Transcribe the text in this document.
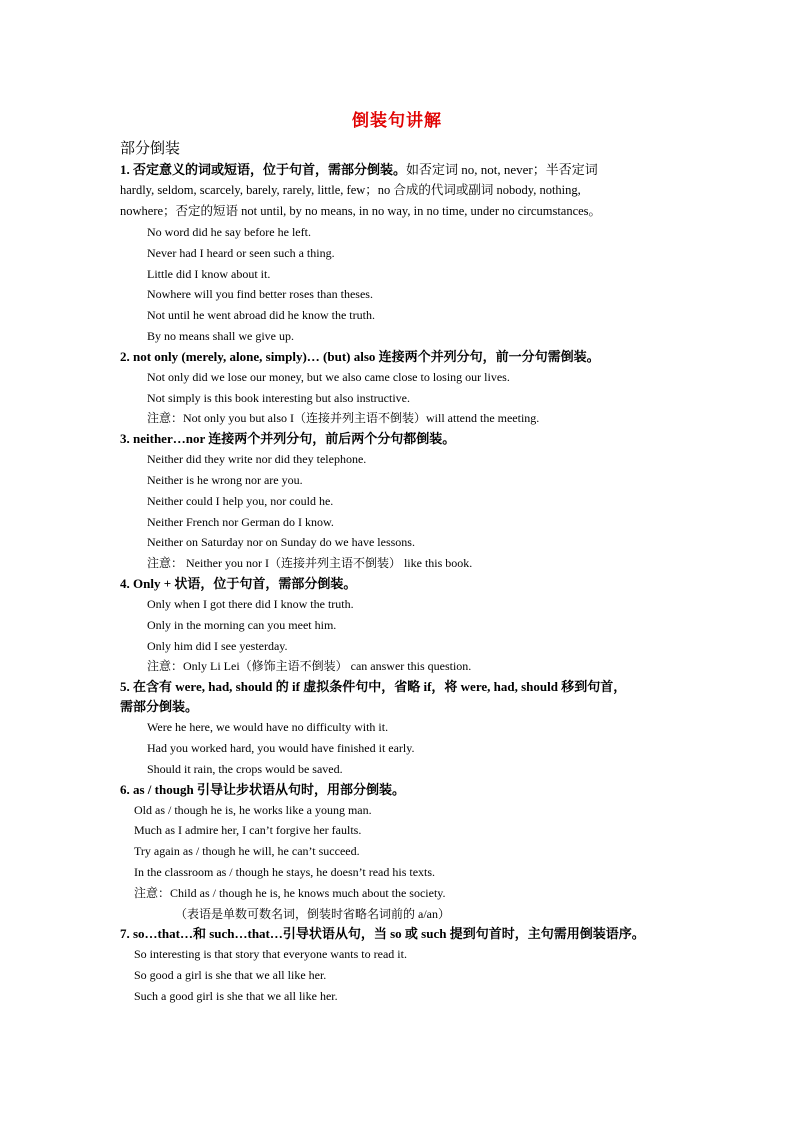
倒装句讲解
部分倒装

1. 否定意义的词或短语，位于句首，需部分倒装。如否定词 no, not, never；半否定词

hardly, seldom, scarcely, barely, rarely, little, few；no 合成的代词或副词 nobody, nothing,

nowhere；否定的短语 not until, by no means, in no way, in no time, under no circumstances。

No word did he say before he left.

Never had I heard or seen such a thing.

Little did I know about it.

Nowhere will you find better roses than theses.

Not until he went abroad did he know the truth.

By no means shall we give up.

2. not only (merely, alone, simply)… (but) also 连接两个并列分句，前一分句需倒装。

Not only did we lose our money, but we also came close to losing our lives.

Not simply is this book interesting but also instructive.

注意：Not only you but also I（连接并列主语不倒装）will attend the meeting.

3. neither…nor 连接两个并列分句，前后两个分句都倒装。

Neither did they write nor did they telephone.

Neither is he wrong nor are you.

Neither could I help you, nor could he.

Neither French nor German do I know.

Neither on Saturday nor on Sunday do we have lessons.

注意： Neither you nor I（连接并列主语不倒装） like this book.

4. Only + 状语，位于句首，需部分倒装。

Only when I got there did I know the truth.

Only in the morning can you meet him.

Only him did I see yesterday.

注意：Only Li Lei（修饰主语不倒装） can answer this question.

5. 在含有 were, had, should 的 if 虚拟条件句中，省略 if，将 were, had, should 移到句首，

需部分倒装。

Were he here, we would have no difficulty with it.

Had you worked hard, you would have finished it early.

Should it rain, the crops would be saved.

6. as / though 引导让步状语从句时，用部分倒装。

Old as / though he is, he works like a young man.

Much as I admire her, I can’t forgive her faults.

Try again as / though he will, he can’t succeed.

In the classroom as / though he stays, he doesn’t read his texts.

注意：Child as / though he is, he knows much about the society.

（表语是单数可数名词，倒装时省略名词前的 a/an）

7. so…that…和 such…that…引导状语从句，当 so 或 such 提到句首时，主句需用倒装语序。

So interesting is that story that everyone wants to read it.

So good a girl is she that we all like her.

Such a good girl is she that we all like her.
